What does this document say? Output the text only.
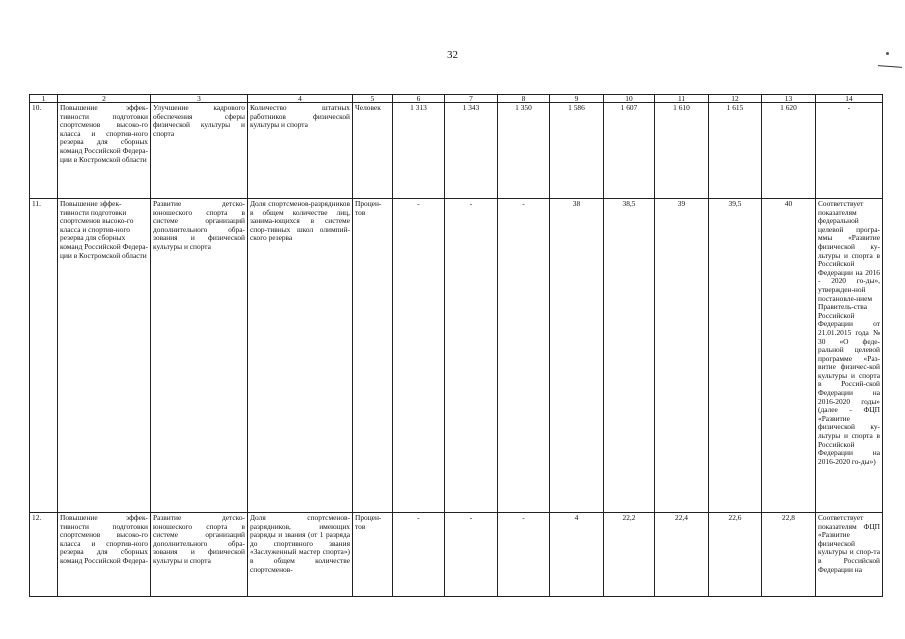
32
1	2	3	4	5	6	7	8	9	10	11	12	13	14
10.	Повышение эффек-тивности подготовки спортсменов высоко-го класса и спортив-ного резерва для сборных команд Российской Федера-ции в Костромской области	Улучшение кадрового обеспечения сферы физической культуры и спорта	Количество штатных работников физической культуры и спорта	Человек	1 313	1 343	1 350	1 586	1 607	1 610	1 615	1 620	-
11.	Повышение эффек-тивности подготовки спортсменов высоко-го класса и спортив-ного резерва для сборных команд Российской Федера-ции в Костромской области	Развитие детско-юношеского спорта в системе организаций дополнительного обра-зования и физической культуры и спорта	Доля спортсменов-разрядников в общем количестве лиц, занима-ющихся в системе спор-тивных школ олимпий-ского резерва	Процен-тов	-	-	-	38	38,5	39	39,5	40	Соответствует показателям федеральной целевой програ-ммы «Развитие физической ку-льтуры и спорта в Российской Федерации на 2016 - 2020 го-ды», утвержден-ной постановле-нием Правитель-ства Российской Федерации от 21.01.2015 года № 30 «О феде-ральной целевой программе «Раз-витие физичес-кой культуры и спорта в Россий-ской Федерации на 2016-2020 годы» (далее - ФЦП «Развитие физической ку-льтуры и спорта в Российской Федерации на 2016-2020 го-ды»)
12.	Повышение эффек-тивности подготовки спортсменов высоко-го класса и спортив-ного резерва для сборных команд Российской Федера-	Развитие детско-юношеского спорта в системе организаций дополнительного обра-зования и физической культуры и спорта	Доля спортсменов-разрядников, имеющих разряды и звания (от 1 разряда до спортивного звания «Заслуженный мастер спорта») в общем количестве спортсменов-	Процен-тов	-	-	-	4	22,2	22,4	22,6	22,8	Соответствует показателям ФЦП «Развитие физической культуры и спор-та в Российской Федерации на
